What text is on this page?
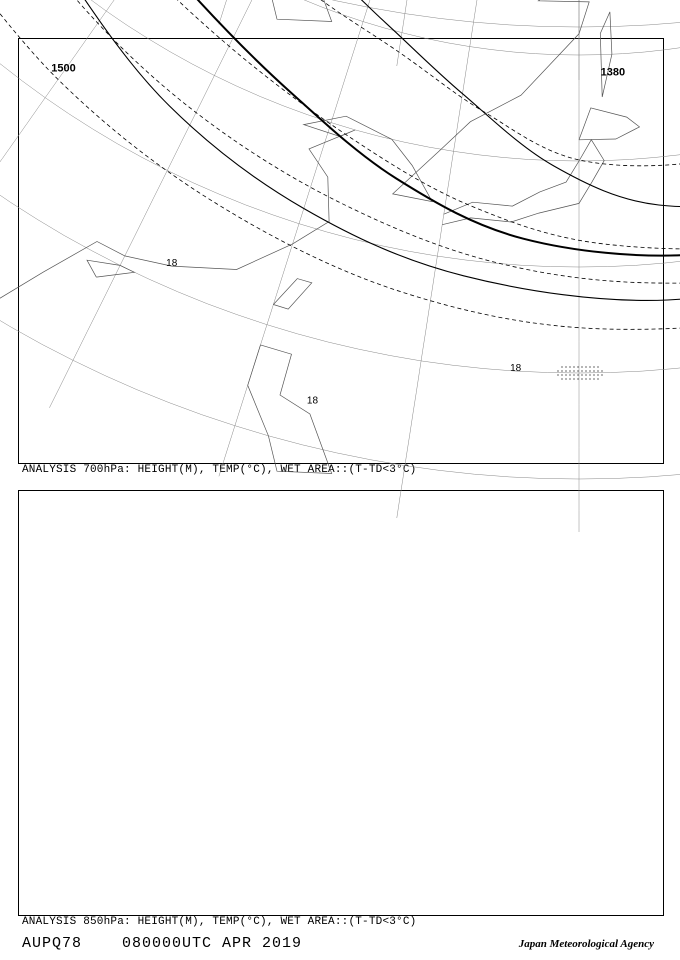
ANALYSIS 700hPa: HEIGHT(M), TEMP(°C), WET AREA::(T-TD<3°C)
1500	1380
18
18
18
ANALYSIS 850hPa: HEIGHT(M), TEMP(°C), WET AREA::(T-TD<3°C)
AUPQ78	080000UTC APR 2019	Japan Meteorological Agency
